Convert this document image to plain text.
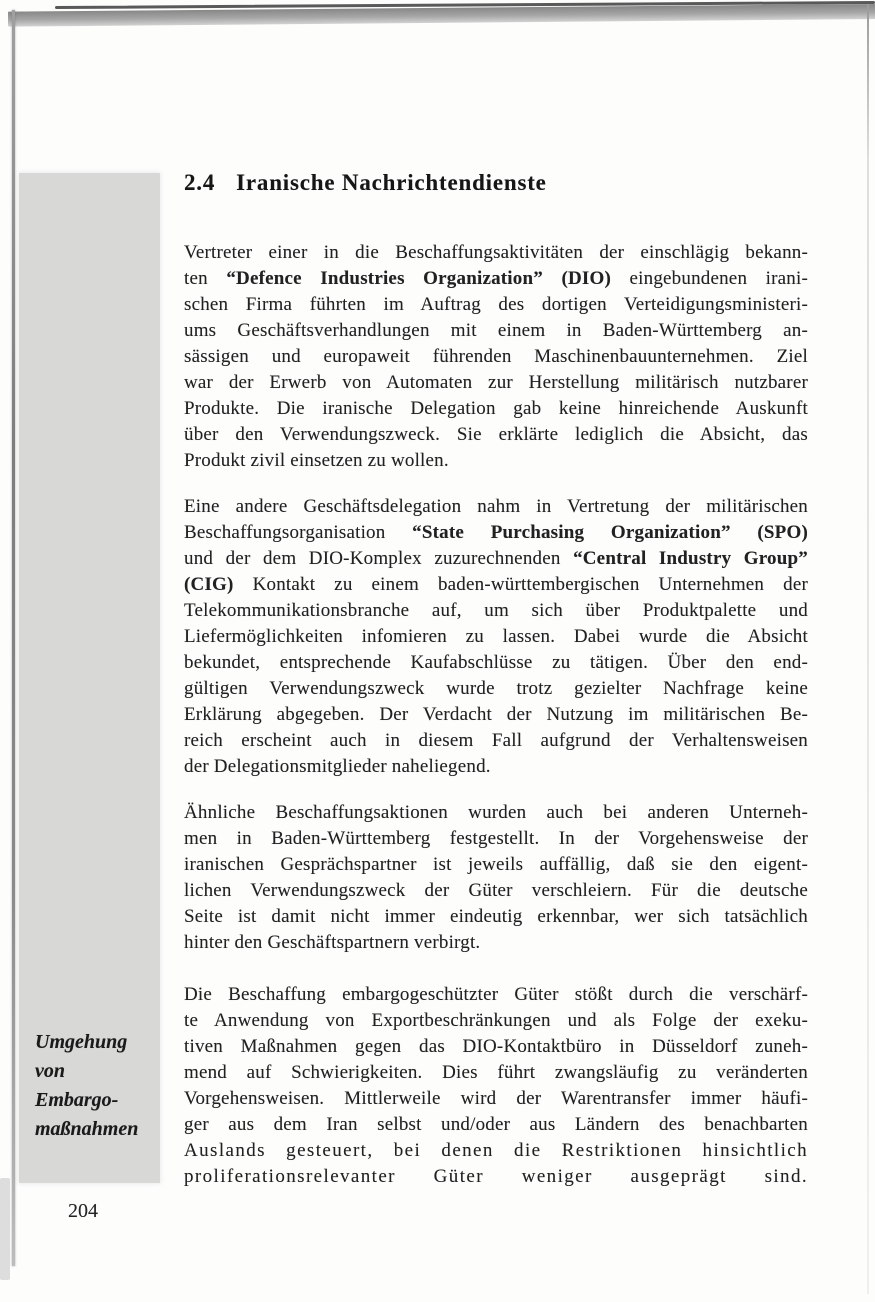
2.4 Iranische Nachrichtendienste
Vertreter einer in die Beschaffungsaktivitäten der einschlägig bekann-
ten “Defence Industries Organization” (DIO) eingebundenen irani-
schen Firma führten im Auftrag des dortigen Verteidigungsministeri-
ums Geschäftsverhandlungen mit einem in Baden-Württemberg an-
sässigen und europaweit führenden Maschinenbauunternehmen. Ziel
war der Erwerb von Automaten zur Herstellung militärisch nutzbarer
Produkte. Die iranische Delegation gab keine hinreichende Auskunft
über den Verwendungszweck. Sie erklärte lediglich die Absicht, das
Produkt zivil einsetzen zu wollen.
Eine andere Geschäftsdelegation nahm in Vertretung der militärischen
Beschaffungsorganisation “State Purchasing Organization” (SPO)
und der dem DIO-Komplex zuzurechnenden “Central Industry Group”
(CIG) Kontakt zu einem baden-württembergischen Unternehmen der
Telekommunikationsbranche auf, um sich über Produktpalette und
Liefermöglichkeiten infomieren zu lassen. Dabei wurde die Absicht
bekundet, entsprechende Kaufabschlüsse zu tätigen. Über den end-
gültigen Verwendungszweck wurde trotz gezielter Nachfrage keine
Erklärung abgegeben. Der Verdacht der Nutzung im militärischen Be-
reich erscheint auch in diesem Fall aufgrund der Verhaltensweisen
der Delegationsmitglieder naheliegend.
Ähnliche Beschaffungsaktionen wurden auch bei anderen Unterneh-
men in Baden-Württemberg festgestellt. In der Vorgehensweise der
iranischen Gesprächspartner ist jeweils auffällig, daß sie den eigent-
lichen Verwendungszweck der Güter verschleiern. Für die deutsche
Seite ist damit nicht immer eindeutig erkennbar, wer sich tatsächlich
hinter den Geschäftspartnern verbirgt.
Die Beschaffung embargogeschützter Güter stößt durch die verschärf-
te Anwendung von Exportbeschränkungen und als Folge der exeku-
tiven Maßnahmen gegen das DIO-Kontaktbüro in Düsseldorf zuneh-
mend auf Schwierigkeiten. Dies führt zwangsläufig zu veränderten
Vorgehensweisen. Mittlerweile wird der Warentransfer immer häufi-
ger aus dem Iran selbst und/oder aus Ländern des benachbarten
Auslands gesteuert, bei denen die Restriktionen hinsichtlich
proliferationsrelevanter Güter weniger ausgeprägt sind.
Umgehung
von
Embargo-
maßnahmen
204
